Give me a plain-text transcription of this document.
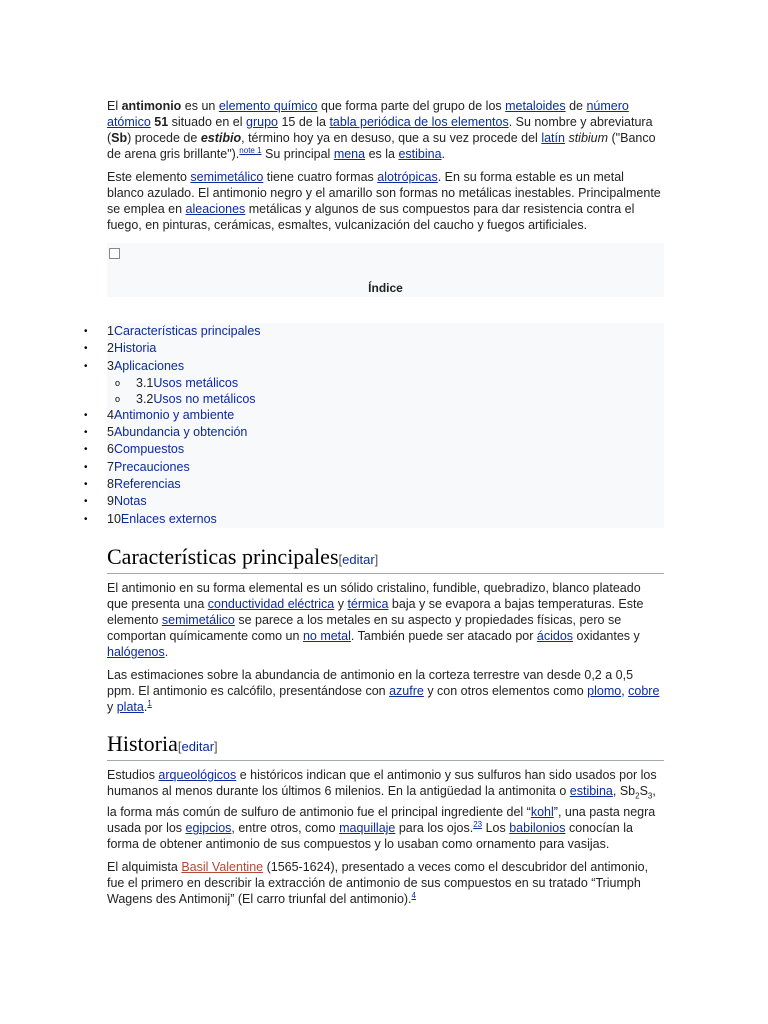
El antimonio es un elemento químico que forma parte del grupo de los metaloides de número atómico 51 situado en el grupo 15 de la tabla periódica de los elementos. Su nombre y abreviatura (Sb) procede de estibio, término hoy ya en desuso, que a su vez procede del latín stibium ("Banco de arena gris brillante").$^{note 1}$ Su principal mena es la estibina.

Este elemento semimetálico tiene cuatro formas alotrópicas. En su forma estable es un metal blanco azulado. El antimonio negro y el amarillo son formas no metálicas inestables. Principalmente se emplea en aleaciones metálicas y algunos de sus compuestos para dar resistencia contra el fuego, en pinturas, cerámicas, esmaltes, vulcanización del caucho y fuegos artificiales.

Índice
• 1Características principales
• 2Historia
• 3Aplicaciones
o 3.1Usos metálicos
o 3.2Usos no metálicos
• 4Antimonio y ambiente
• 5Abundancia y obtención
• 6Compuestos
• 7Precauciones
• 8Referencias
• 9Notas
• 10Enlaces externos
Características principales[editar]

El antimonio en su forma elemental es un sólido cristalino, fundible, quebradizo, blanco plateado que presenta una conductividad eléctrica y térmica baja y se evapora a bajas temperaturas. Este elemento semimetálico se parece a los metales en su aspecto y propiedades físicas, pero se comportan químicamente como un no metal. También puede ser atacado por ácidos oxidantes y halógenos.

Las estimaciones sobre la abundancia de antimonio en la corteza terrestre van desde 0,2 a 0,5 ppm. El antimonio es calcófilo, presentándose con azufre y con otros elementos como plomo, cobre y plata.$^1$

Historia[editar]

Estudios arqueológicos e históricos indican que el antimonio y sus sulfuros han sido usados por los humanos al menos durante los últimos 6 milenios. En la antigüedad la antimonita o estibina, $Sb_2S_3$, la forma más común de sulfuro de antimonio fue el principal ingrediente del “kohl”, una pasta negra usada por los egipcios, entre otros, como maquillaje para los ojos.$^{23}$ Los babilonios conocían la forma de obtener antimonio de sus compuestos y lo usaban como ornamento para vasijas.

El alquimista Basil Valentine (1565-1624), presentado a veces como el descubridor del antimonio, fue el primero en describir la extracción de antimonio de sus compuestos en su tratado “Triumph Wagens des Antimonij” (El carro triunfal del antimonio).$^4$
